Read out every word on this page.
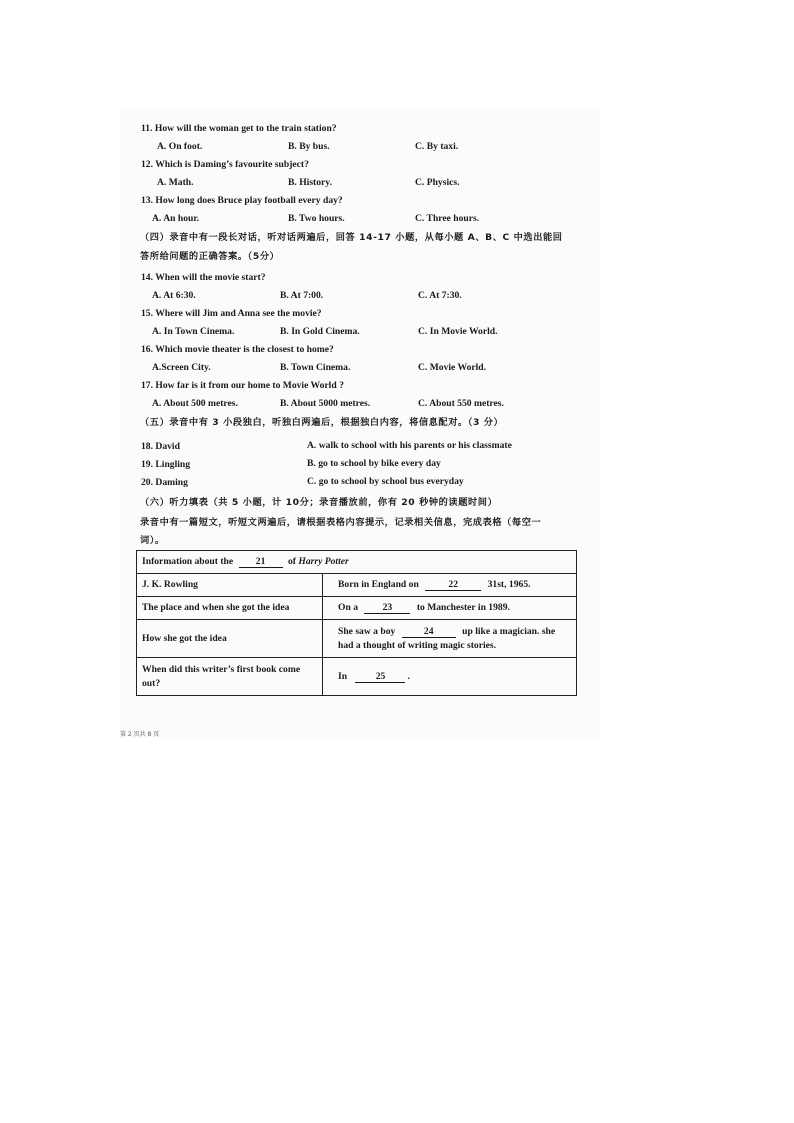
11. How will the woman get to the train station?
A. On foot.	B. By bus.	C. By taxi.
12. Which is Daming’s favourite subject?
A. Math.	B. History.	C. Physics.
13. How long does Bruce play football every day?
A. An hour.	B. Two hours.	C. Three hours.
（四）录音中有一段长对话，听对话两遍后，回答 14-17 小题，从每小题 A、B、C 中选出能回
答所给问题的正确答案。（5分）
14. When will the movie start?
A. At 6:30.	B. At 7:00.	C. At 7:30.
15. Where will Jim and Anna see the movie?
A. In Town Cinema.	B. In Gold Cinema.	C. In Movie World.
16. Which movie theater is the closest to home?
A.Screen City.	B. Town Cinema.	C. Movie World.
17. How far is it from our home to Movie World ?
A. About 500 metres.	B. About 5000 metres.	C. About 550 metres.
（五）录音中有 3 小段独白，听独白两遍后，根据独白内容，将信息配对。（3 分）
18. David	A. walk to school with his parents or his classmate
19. Lingling	B. go to school by bike every day
20. Daming	C. go to school by school bus everyday
（六）听力填表（共 5 小题，计 10分；录音播放前，你有 20 秒钟的读题时间）
录音中有一篇短文，听短文两遍后，请根据表格内容提示，记录相关信息，完成表格（每空一
词）。
Information about the 21 of Harry Potter	
J. K. Rowling	Born in England on 22 31st, 1965.
The place and when she got the idea	On a 23 to Manchester in 1989.
How she got the idea	She saw a boy 24 up like a magician. she
had a thought of writing magic stories.
When did this writer’s first book come
out?	In 25 .
第 2 页共 8 页
